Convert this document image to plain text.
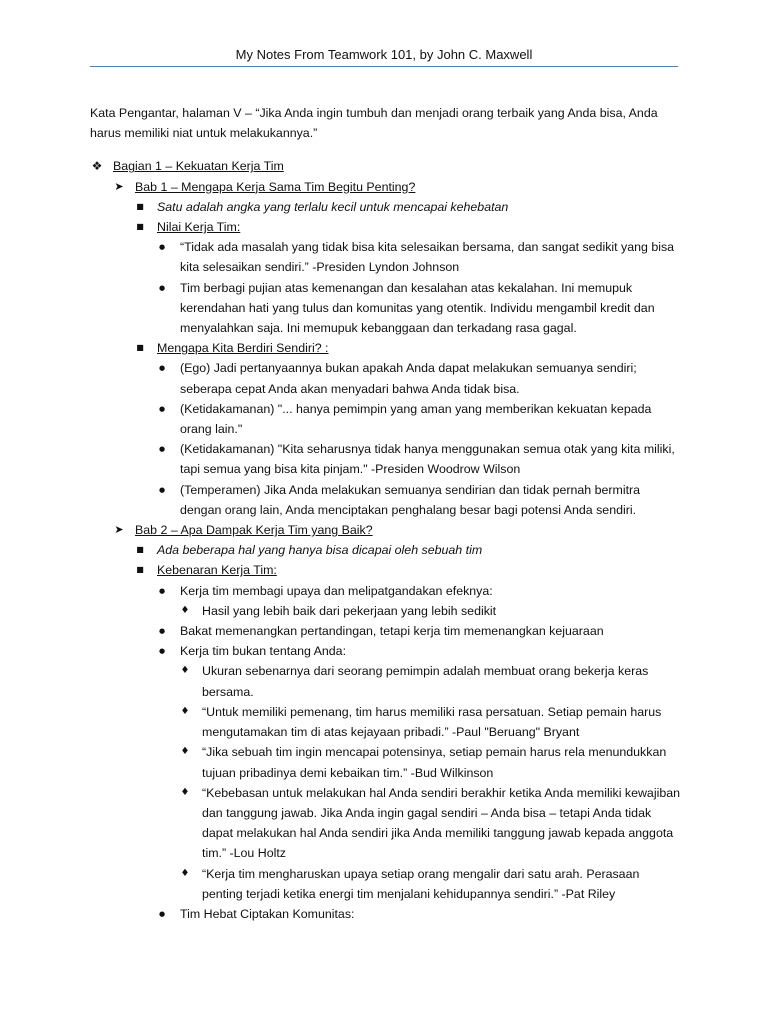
My Notes From Teamwork 101, by John C. Maxwell

Kata Pengantar, halaman V – “Jika Anda ingin tumbuh dan menjadi orang terbaik yang Anda bisa, Anda harus memiliki niat untuk melakukannya.”

❖ Bagian 1 – Kekuatan Kerja Tim
➤ Bab 1 – Mengapa Kerja Sama Tim Begitu Penting?
■ Satu adalah angka yang terlalu kecil untuk mencapai kehebatan
■ Nilai Kerja Tim:
● “Tidak ada masalah yang tidak bisa kita selesaikan bersama, dan sangat sedikit yang bisa kita selesaikan sendiri.” -Presiden Lyndon Johnson
● Tim berbagi pujian atas kemenangan dan kesalahan atas kekalahan. Ini memupuk kerendahan hati yang tulus dan komunitas yang otentik. Individu mengambil kredit dan menyalahkan saja. Ini memupuk kebanggaan dan terkadang rasa gagal.
■ Mengapa Kita Berdiri Sendiri? :
● (Ego) Jadi pertanyaannya bukan apakah Anda dapat melakukan semuanya sendiri; seberapa cepat Anda akan menyadari bahwa Anda tidak bisa.
● (Ketidakamanan) "... hanya pemimpin yang aman yang memberikan kekuatan kepada orang lain."
● (Ketidakamanan) "Kita seharusnya tidak hanya menggunakan semua otak yang kita miliki, tapi semua yang bisa kita pinjam." -Presiden Woodrow Wilson
● (Temperamen) Jika Anda melakukan semuanya sendirian dan tidak pernah bermitra dengan orang lain, Anda menciptakan penghalang besar bagi potensi Anda sendiri.
➤ Bab 2 – Apa Dampak Kerja Tim yang Baik?
■ Ada beberapa hal yang hanya bisa dicapai oleh sebuah tim
■ Kebenaran Kerja Tim:
● Kerja tim membagi upaya dan melipatgandakan efeknya:
♦ Hasil yang lebih baik dari pekerjaan yang lebih sedikit
● Bakat memenangkan pertandingan, tetapi kerja tim memenangkan kejuaraan
● Kerja tim bukan tentang Anda:
♦ Ukuran sebenarnya dari seorang pemimpin adalah membuat orang bekerja keras bersama.
♦ “Untuk memiliki pemenang, tim harus memiliki rasa persatuan. Setiap pemain harus mengutamakan tim di atas kejayaan pribadi.” -Paul "Beruang" Bryant
♦ “Jika sebuah tim ingin mencapai potensinya, setiap pemain harus rela menundukkan tujuan pribadinya demi kebaikan tim.” -Bud Wilkinson
♦ “Kebebasan untuk melakukan hal Anda sendiri berakhir ketika Anda memiliki kewajiban dan tanggung jawab. Jika Anda ingin gagal sendiri – Anda bisa – tetapi Anda tidak dapat melakukan hal Anda sendiri jika Anda memiliki tanggung jawab kepada anggota tim.” -Lou Holtz
♦ “Kerja tim mengharuskan upaya setiap orang mengalir dari satu arah. Perasaan penting terjadi ketika energi tim menjalani kehidupannya sendiri.” -Pat Riley
● Tim Hebat Ciptakan Komunitas:
